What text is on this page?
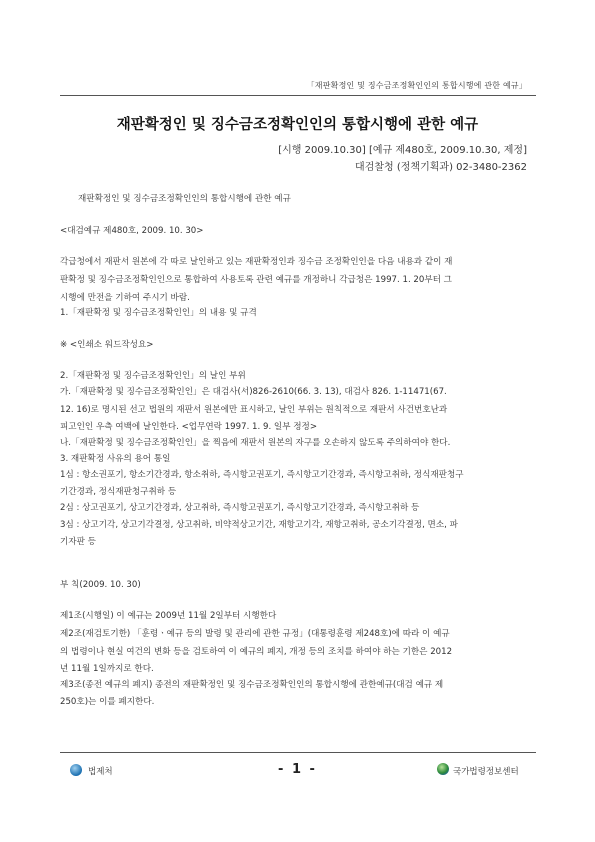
「재판확정인 및 징수금조정확인인의 통합시행에 관한 예규」
재판확정인 및 징수금조정확인인의 통합시행에 관한 예규
[시행 2009.10.30] [예규 제480호, 2009.10.30, 제정]
대검찰청 (정책기획과) 02-3480-2362
재판확정인 및 징수금조정확인인의 통합시행에 관한 예규
<대검예규 제480호, 2009. 10. 30>
각급청에서 재판서 원본에 각 따로 날인하고 있는 재판확정인과 징수금 조정확인인을 다음 내용과 같이 재
판확정 및 징수금조정확인인으로 통합하여 사용토록 관련 예규를 개정하니 각급청은 1997. 1. 20부터 그
시행에 만전을 기하여 주시기 바람.
1.「재판확정 및 징수금조정확인인」의 내용 및 규격
※ <인쇄소 워드작성요>
2.「재판확정 및 징수금조정확인인」의 날인 부위
가.「재판확정 및 징수금조정확인인」은 대검사(서)826-2610(66. 3. 13), 대검사 826. 1-11471(67.
12. 16)로 명시된 선고 법원의 재판서 원본에만 표시하고, 날인 부위는 원칙적으로 재판서 사건번호난과
피고인인 우측 여백에 날인한다. <업무연락 1997. 1. 9. 일부 정정>
나.「재판확정 및 징수금조정확인인」을 찍음에 재판서 원본의 자구를 오손하지 않도록 주의하여야 한다.
3. 재판확정 사유의 용어 통일
1심 : 항소권포기, 항소기간경과, 항소취하, 즉시항고권포기, 즉시항고기간경과, 즉시항고취하, 정식재판청구
기간경과, 정식재판청구취하 등
2심 : 상고권포기, 상고기간경과, 상고취하, 즉시항고권포기, 즉시항고기간경과, 즉시항고취하 등
3심 : 상고기각, 상고기각결정, 상고취하, 비약적상고기간, 재항고기각, 재항고취하, 공소기각결정, 면소, 파
기자판 등
부 칙(2009. 10. 30)
제1조(시행일) 이 예규는 2009년 11월 2일부터 시행한다
제2조(재검토기한) 「훈령ㆍ예규 등의 발령 및 관리에 관한 규정」(대통령훈령 제248호)에 따라 이 예규
의 법령이나 현실 여건의 변화 등을 검토하여 이 예규의 폐지, 개정 등의 조치를 하여야 하는 기한은 2012
년 11월 1일까지로 한다.
제3조(종전 예규의 폐지) 종전의 재판확정인 및 징수금조정확인인의 통합시행에 관한예규(대검 예규 제
250호)는 이를 폐지한다.
법제처	- 1 -	국가법령정보센터
